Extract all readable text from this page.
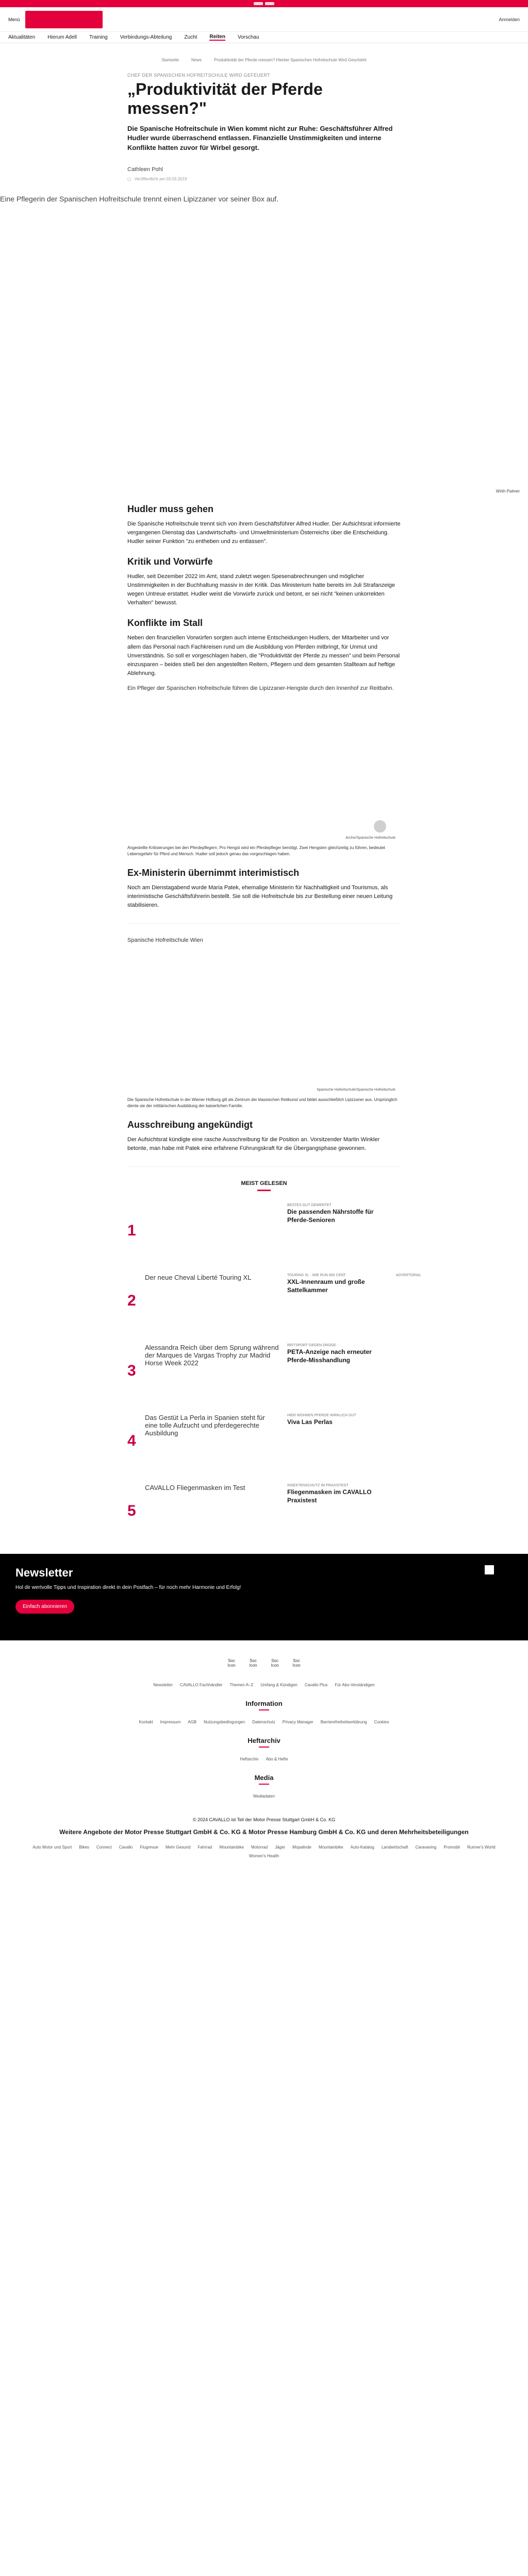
Menü	Anmelden
Aktualitäten Hierum Adell Training Verbindungs-Abteilung Zucht Reiten Vorschau
Startseite	News	Produktivität der Pferde messen? Hierbei Spanischen Hofreitschule Wird Geschieht
CHEF DER SPANISCHEN HOFREITSCHULE WIRD GEFEUERT
„Produktivität der Pferde messen?"
Die Spanische Hofreitschule in Wien kommt nicht zur Ruhe: Geschäftsführer Alfred Hudler wurde überraschend entlassen. Finanzielle Unstimmigkeiten und interne Konflikte hatten zuvor für Wirbel gesorgt.
Cathleen Pohl
▢ Veröffentlicht am 03.03.2023
Eine Pflegerin der Spanischen Hofreitschule trennt einen Lipizzaner vor seiner Box auf.
Wirth Palmer
Hudler muss gehen

Die Spanische Hofreitschule trennt sich von ihrem Geschäftsführer Alfred Hudler. Der Aufsichtsrat informierte vergangenen Dienstag das Landwirtschafts- und Umweltministerium Österreichs über die Entscheidung. Hudler seiner Funktion "zu entheben und zu entlassen".

Kritik und Vorwürfe

Hudler, seit Dezember 2022 im Amt, stand zuletzt wegen Spesenabrechnungen und möglicher Unstimmigkeiten in der Buchhaltung massiv in der Kritik. Das Ministerium hatte bereits im Juli Strafanzeige wegen Untreue erstattet. Hudler weist die Vorwürfe zurück und betont, er sei nicht "keinen unkorrekten Verhalten" bewusst.

Konflikte im Stall

Neben den finanziellen Vorwürfen sorgten auch interne Entscheidungen Hudlers, der Mitarbeiter und vor allem das Personal nach Fachkreisen rund um die Ausbildung von Pferden mitbringt, für Unmut und Unverständnis. So soll er vorgeschlagen haben, die "Produktivität der Pferde zu messen" und beim Personal einzusparen – beides stieß bei den angestellten Reitern, Pflegern und dem gesamten Stallteam auf heftige Ablehnung.

Ein Pfleger der Spanischen Hofreitschule führen die Lipizzaner-Hengste durch den Innenhof zur Reitbahn.
Archiv/Spanische Hofreitschule
Angestellte Kritisierungen bei den Pferdepflegern. Pro Hengst wird ein Pferdepfleger benötigt. Zwei Hengsten gleichzeitig zu führen, bedeutet Lebensgefahr für Pferd und Mensch. Hudler soll jedoch genau das vorgeschlagen haben.
Ex-Ministerin übernimmt interimistisch

Noch am Dienstagabend wurde Maria Patek, ehemalige Ministerin für Nachhaltigkeit und Tourismus, als interimistische Geschäftsführerin bestellt. Sie soll die Hofreitschule bis zur Bestellung einer neuen Leitung stabilisieren.

Spanische Hofreitschule Wien
Spanische Hofreitschule/Spanische Hofreitschule
Die Spanische Hofreitschule in der Wiener Hofburg gilt als Zentrum der klassischen Reitkunst und bildet ausschließlich Lipizzaner aus. Ursprünglich diente sie der militärischen Ausbildung der kaiserlichen Familie.
Ausschreibung angekündigt

Der Aufsichtsrat kündigte eine rasche Ausschreibung für die Position an. Vorsitzender Martin Winkler betonte, man habe mit Patek eine erfahrene Führungskraft für die Übergangsphase gewonnen.

MEIST GELESEN
1
BESTES GUT GEWERTET
Die passenden Nährstoffe für Pferde-Senioren
2
Der neue Cheval Liberté Touring XL	TOURING XL · WIE RUN 600 CENT
XXL-Innenraum und große Sattelkammer
ADVERTORIAL
3
Alessandra Reich über dem Sprung während der Marques de Vargas Trophy zur Madrid Horse Week 2022
REITSPORT GEGEN DROGE
PETA-Anzeige nach erneuter Pferde-Misshandlung
4
Das Gestüt La Perla in Spanien steht für eine tolle Aufzucht und pferdegerechte Ausbildung
HIER WOHNEN PFERDE WIRKLICH GUT
Viva Las Perlas
5
CAVALLO Fliegenmasken im Test	INSEKTENSCHUTZ IM PRAXISTEST
Fliegenmasken im CAVALLO Praxistest
Newsletter

Hol dir wertvolle Tipps und Inspiration direkt in dein Postfach – für noch mehr Harmonie und Erfolg!

Einfach abonnieren
Soc Icon
Soc Icon
Soc Icon
Soc Icon
Newsletter CAVALLO Fachhändler Themen A–Z Umfang & Kündigen Cavallo Plus Für Abo-Verständigen
Information
Kontakt Impressum AGB Nutzungsbedingungen Datenschutz Privacy Manager Barrierefreiheitserklärung Cookies
Heftarchiv
Heftarchiv Abo & Hefte
Media
Mediadaten
© 2024 CAVALLO ist Teil der Motor Presse Stuttgart GmbH & Co. KG
Weitere Angebote der Motor Presse Stuttgart GmbH & Co. KG & Motor Presse Hamburg GmbH & Co. KG und deren Mehrheitsbeteiligungen
Auto Motor und Sport Bikes Connect Cavallo Flugrevue Mehr Gesund Fahrrad Mountainbike Motorrad Jäger Mopalinde Mountainbike Auto-Katalog Landwirtschaft Caravaning Promobil Runner's World
Women's Health
